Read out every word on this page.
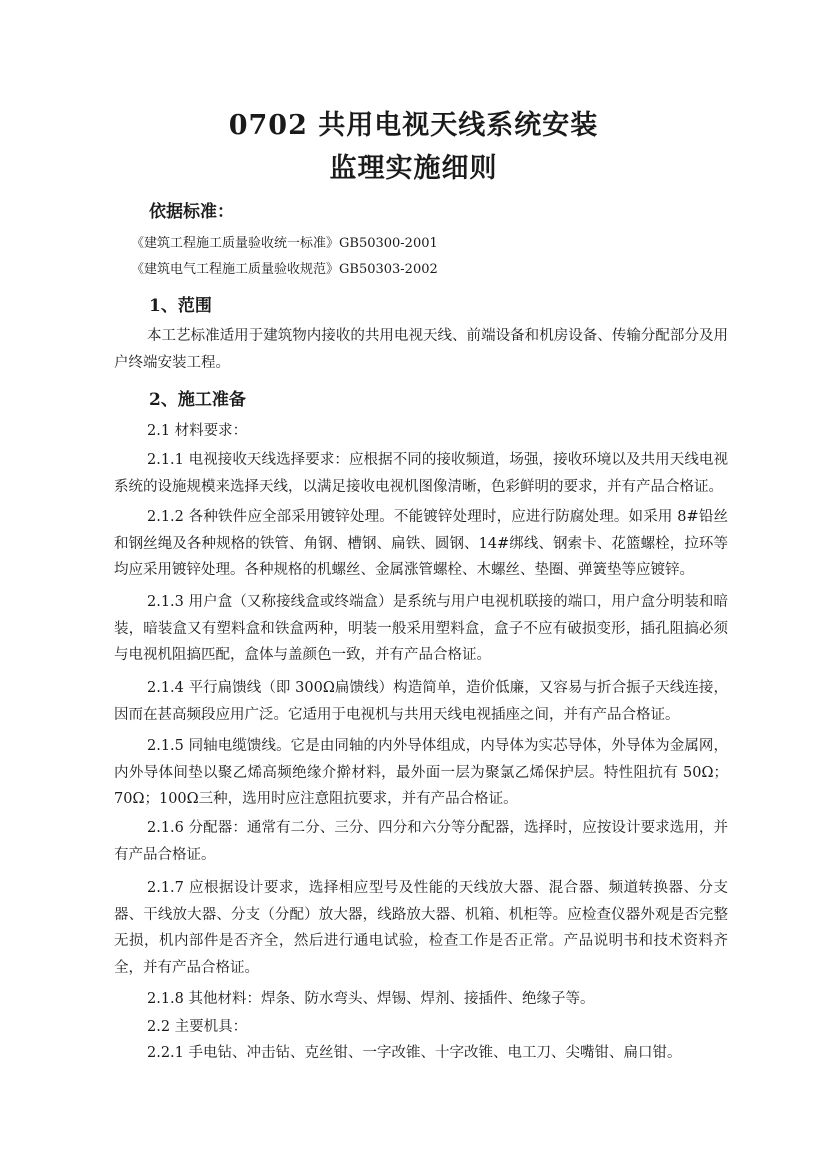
0702 共用电视天线系统安装
监理实施细则
依据标准：
《建筑工程施工质量验收统一标准》GB50300-2001
《建筑电气工程施工质量验收规范》GB50303-2002
1、范围
本工艺标准适用于建筑物内接收的共用电视天线、前端设备和机房设备、传输分配部分及用户终端安装工程。
2、施工准备
2.1 材料要求：
2.1.1 电视接收天线选择要求：应根据不同的接收频道，场强，接收环境以及共用天线电视系统的设施规模来选择天线，以满足接收电视机图像清晰，色彩鲜明的要求，并有产品合格证。
2.1.2 各种铁件应全部采用镀锌处理。不能镀锌处理时，应进行防腐处理。如采用 8#铅丝和钢丝绳及各种规格的铁管、角钢、槽钢、扁铁、圆钢、14#绑线、钢索卡、花篮螺栓，拉环等均应采用镀锌处理。各种规格的机螺丝、金属涨管螺栓、木螺丝、垫圈、弹簧垫等应镀锌。
2.1.3 用户盒（又称接线盒或终端盒）是系统与用户电视机联接的端口，用户盒分明装和暗装，暗装盒又有塑料盒和铁盒两种，明装一般采用塑料盒，盒子不应有破损变形，插孔阻搞必须与电视机阻搞匹配，盒体与盖颜色一致，并有产品合格证。
2.1.4 平行扁馈线（即 300Ω扁馈线）构造简单，造价低廉，又容易与折合振子天线连接，因而在甚高频段应用广泛。它适用于电视机与共用天线电视插座之间，并有产品合格证。
2.1.5 同轴电缆馈线。它是由同轴的内外导体组成，内导体为实芯导体，外导体为金属网，内外导体间垫以聚乙烯高频绝缘介擀材料，最外面一层为聚氯乙烯保护层。特性阻抗有 50Ω；70Ω；100Ω三种，选用时应注意阻抗要求，并有产品合格证。
2.1.6 分配器：通常有二分、三分、四分和六分等分配器，选择时，应按设计要求选用，并有产品合格证。
2.1.7 应根据设计要求，选择相应型号及性能的天线放大器、混合器、频道转换器、分支器、干线放大器、分支（分配）放大器，线路放大器、机箱、机柜等。应检查仪器外观是否完整无损，机内部件是否齐全，然后进行通电试验，检查工作是否正常。产品说明书和技术资料齐全，并有产品合格证。
2.1.8 其他材料：焊条、防水弯头、焊锡、焊剂、接插件、绝缘子等。
2.2 主要机具：
2.2.1 手电钻、冲击钻、克丝钳、一字改锥、十字改锥、电工刀、尖嘴钳、扁口钳。
